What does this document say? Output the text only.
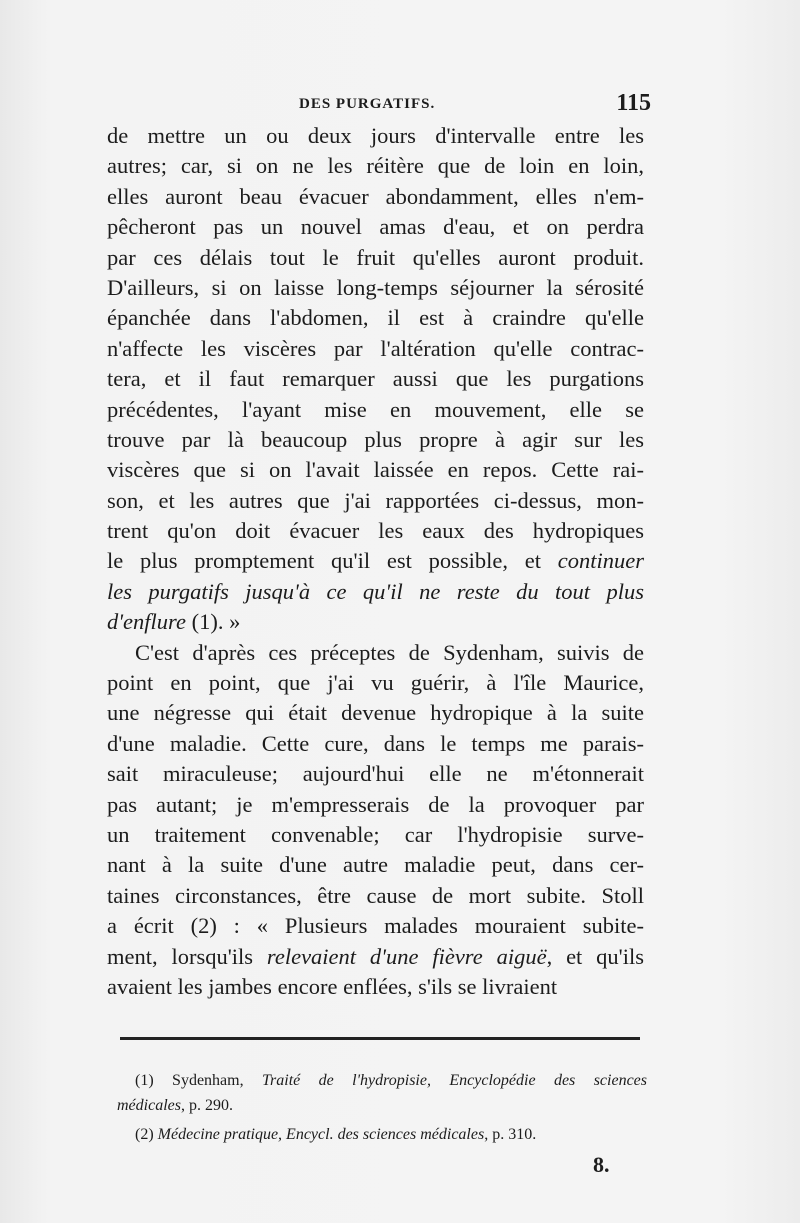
DES PURGATIFS.	115
de mettre un ou deux jours d'intervalle entre les
autres; car, si on ne les réitère que de loin en loin,
elles auront beau évacuer abondamment, elles n'em-
pêcheront pas un nouvel amas d'eau, et on perdra
par ces délais tout le fruit qu'elles auront produit.
D'ailleurs, si on laisse long-temps séjourner la sérosité
épanchée dans l'abdomen, il est à craindre qu'elle
n'affecte les viscères par l'altération qu'elle contrac-
tera, et il faut remarquer aussi que les purgations
précédentes, l'ayant mise en mouvement, elle se
trouve par là beaucoup plus propre à agir sur les
viscères que si on l'avait laissée en repos. Cette rai-
son, et les autres que j'ai rapportées ci-dessus, mon-
trent qu'on doit évacuer les eaux des hydropiques
le plus promptement qu'il est possible, et continuer
les purgatifs jusqu'à ce qu'il ne reste du tout plus
d'enflure (1). »
C'est d'après ces préceptes de Sydenham, suivis de
point en point, que j'ai vu guérir, à l'île Maurice,
une négresse qui était devenue hydropique à la suite
d'une maladie. Cette cure, dans le temps me parais-
sait miraculeuse; aujourd'hui elle ne m'étonnerait
pas autant; je m'empresserais de la provoquer par
un traitement convenable; car l'hydropisie surve-
nant à la suite d'une autre maladie peut, dans cer-
taines circonstances, être cause de mort subite. Stoll
a écrit (2) : « Plusieurs malades mouraient subite-
ment, lorsqu'ils relevaient d'une fièvre aiguë, et qu'ils
avaient les jambes encore enflées, s'ils se livraient
(1) Sydenham, Traité de l'hydropisie, Encyclopédie des sciences
médicales, p. 290.
(2) Médecine pratique, Encycl. des sciences médicales, p. 310.
8.
